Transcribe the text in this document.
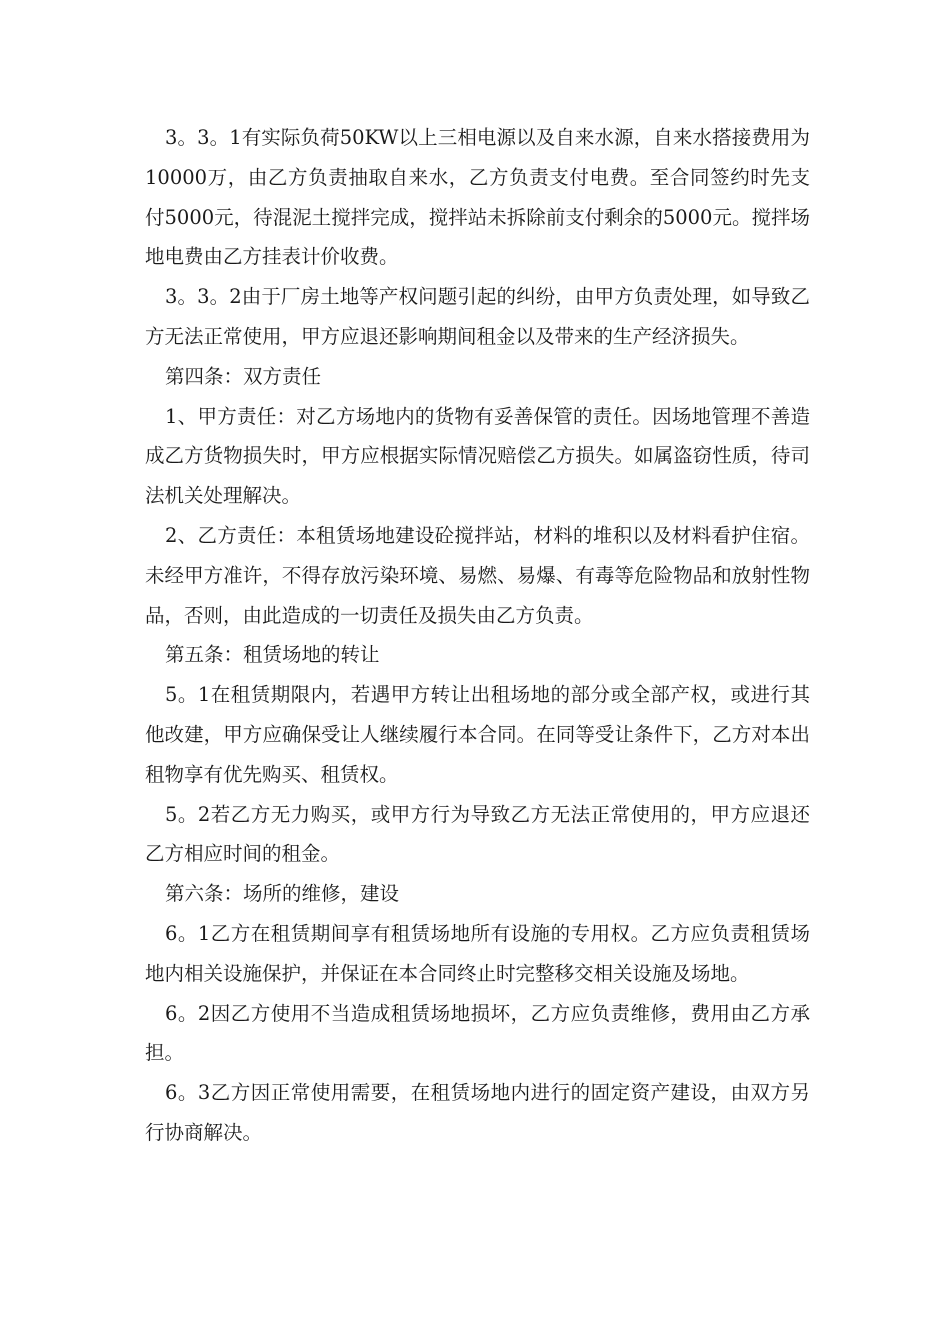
3。3。1有实际负荷50KW以上三相电源以及自来水源，自来水搭接费用为10000万，由乙方负责抽取自来水，乙方负责支付电费。至合同签约时先支付5000元，待混泥土搅拌完成，搅拌站未拆除前支付剩余的5000元。搅拌场地电费由乙方挂表计价收费。

3。3。2由于厂房土地等产权问题引起的纠纷，由甲方负责处理，如导致乙方无法正常使用，甲方应退还影响期间租金以及带来的生产经济损失。

第四条：双方责任

1、甲方责任：对乙方场地内的货物有妥善保管的责任。因场地管理不善造成乙方货物损失时，甲方应根据实际情况赔偿乙方损失。如属盗窃性质，待司法机关处理解决。

2、乙方责任：本租赁场地建设砼搅拌站，材料的堆积以及材料看护住宿。未经甲方准许，不得存放污染环境、易燃、易爆、有毒等危险物品和放射性物品，否则，由此造成的一切责任及损失由乙方负责。

第五条：租赁场地的转让

5。1在租赁期限内，若遇甲方转让出租场地的部分或全部产权，或进行其他改建，甲方应确保受让人继续履行本合同。在同等受让条件下，乙方对本出租物享有优先购买、租赁权。

5。2若乙方无力购买，或甲方行为导致乙方无法正常使用的，甲方应退还乙方相应时间的租金。

第六条：场所的维修，建设

6。1乙方在租赁期间享有租赁场地所有设施的专用权。乙方应负责租赁场地内相关设施保护，并保证在本合同终止时完整移交相关设施及场地。

6。2因乙方使用不当造成租赁场地损坏，乙方应负责维修，费用由乙方承担。

6。3乙方因正常使用需要，在租赁场地内进行的固定资产建设，由双方另行协商解决。
